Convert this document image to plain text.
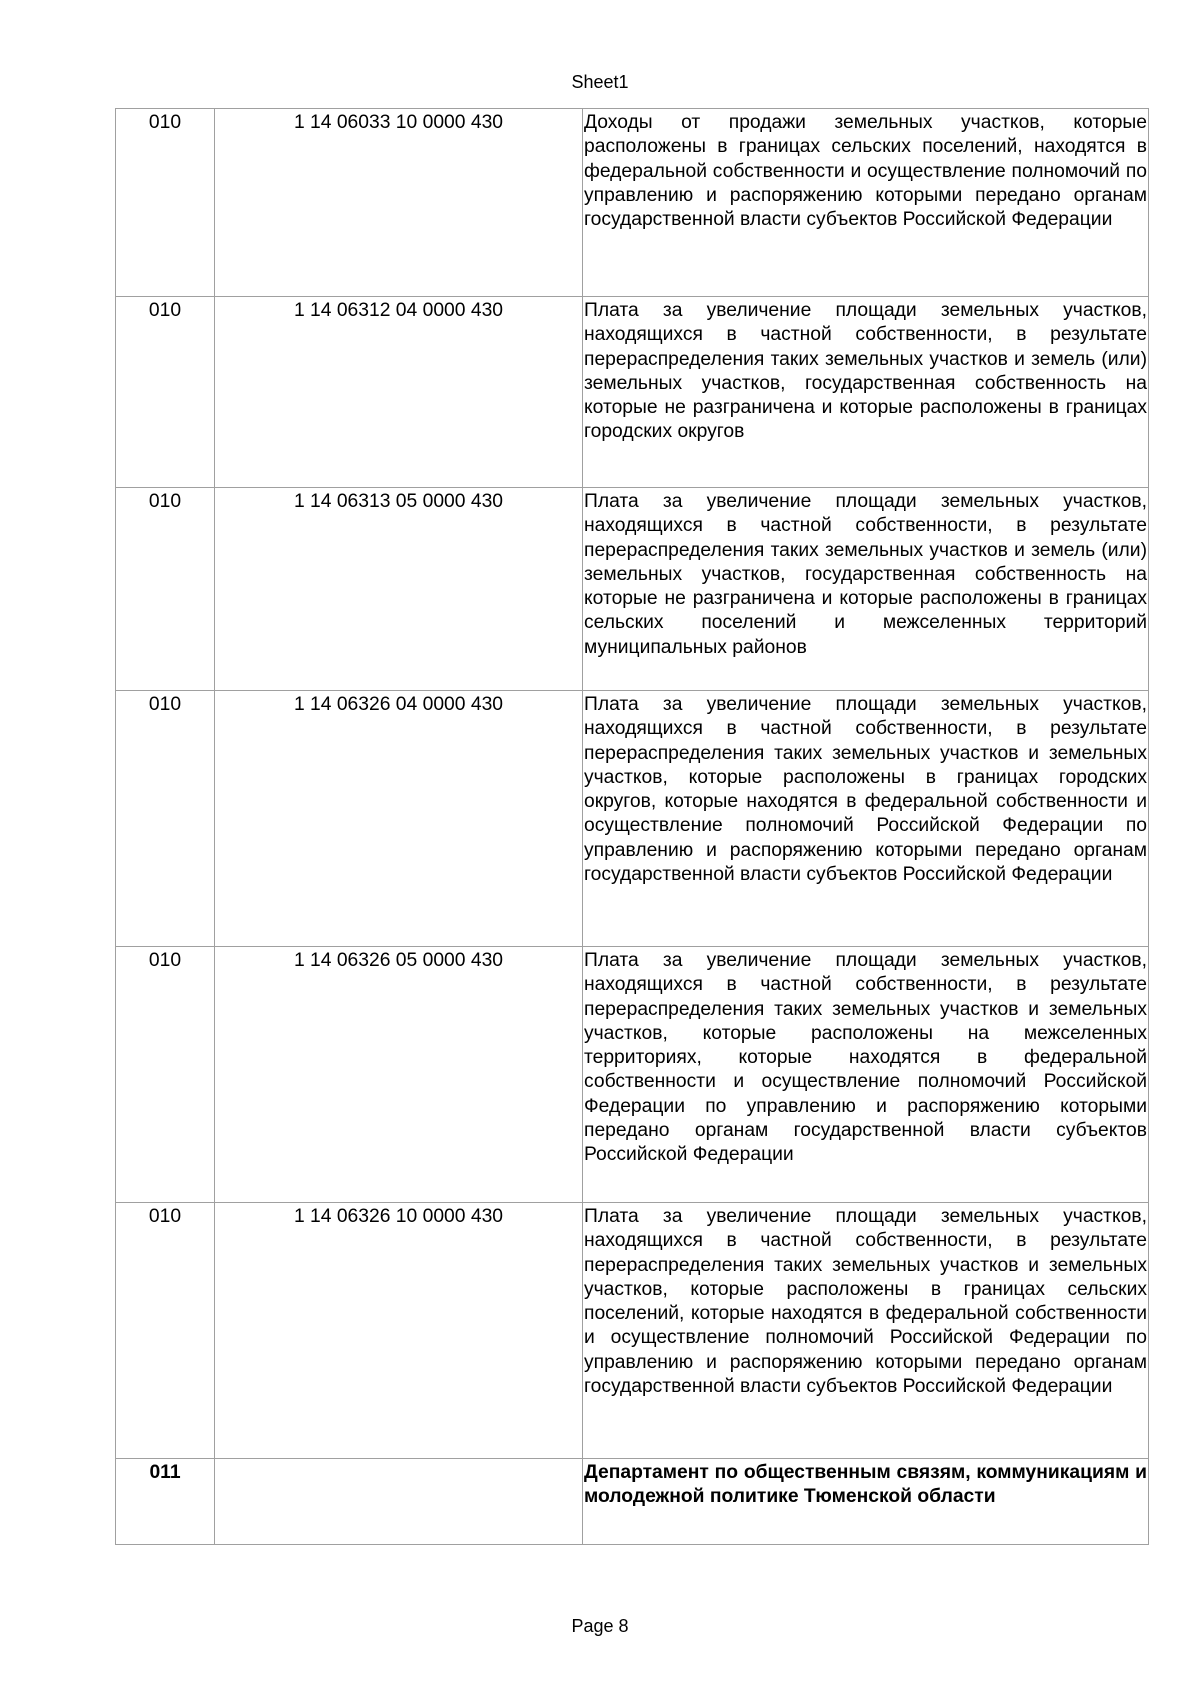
Sheet1
010	1 14 06033 10 0000 430	Доходы от продажи земельных участков, которые расположены в границах сельских поселений, находятся в федеральной собственности и осуществление полномочий по управлению и распоряжению которыми передано органам государственной власти субъектов Российской Федерации
010	1 14 06312 04 0000 430	Плата за увеличение площади земельных участков, находящихся в частной собственности, в результате перераспределения таких земельных участков и земель (или) земельных участков, государственная собственность на которые не разграничена и которые расположены в границах городских округов
010	1 14 06313 05 0000 430	Плата за увеличение площади земельных участков, находящихся в частной собственности, в результате перераспределения таких земельных участков и земель (или) земельных участков, государственная собственность на которые не разграничена и которые расположены в границах сельских поселений и межселенных территорий муниципальных районов
010	1 14 06326 04 0000 430	Плата за увеличение площади земельных участков, находящихся в частной собственности, в результате перераспределения таких земельных участков и земельных участков, которые расположены в границах городских округов, которые находятся в федеральной собственности и осуществление полномочий Российской Федерации по управлению и распоряжению которыми передано органам государственной власти субъектов Российской Федерации
010	1 14 06326 05 0000 430	Плата за увеличение площади земельных участков, находящихся в частной собственности, в результате перераспределения таких земельных участков и земельных участков, которые расположены на межселенных территориях, которые находятся в федеральной собственности и осуществление полномочий Российской Федерации по управлению и распоряжению которыми передано органам государственной власти субъектов Российской Федерации
010	1 14 06326 10 0000 430	Плата за увеличение площади земельных участков, находящихся в частной собственности, в результате перераспределения таких земельных участков и земельных участков, которые расположены в границах сельских поселений, которые находятся в федеральной собственности и осуществление полномочий Российской Федерации по управлению и распоряжению которыми передано органам государственной власти субъектов Российской Федерации
011		Департамент по общественным связям, коммуникациям и молодежной политике Тюменской области
Page 8
